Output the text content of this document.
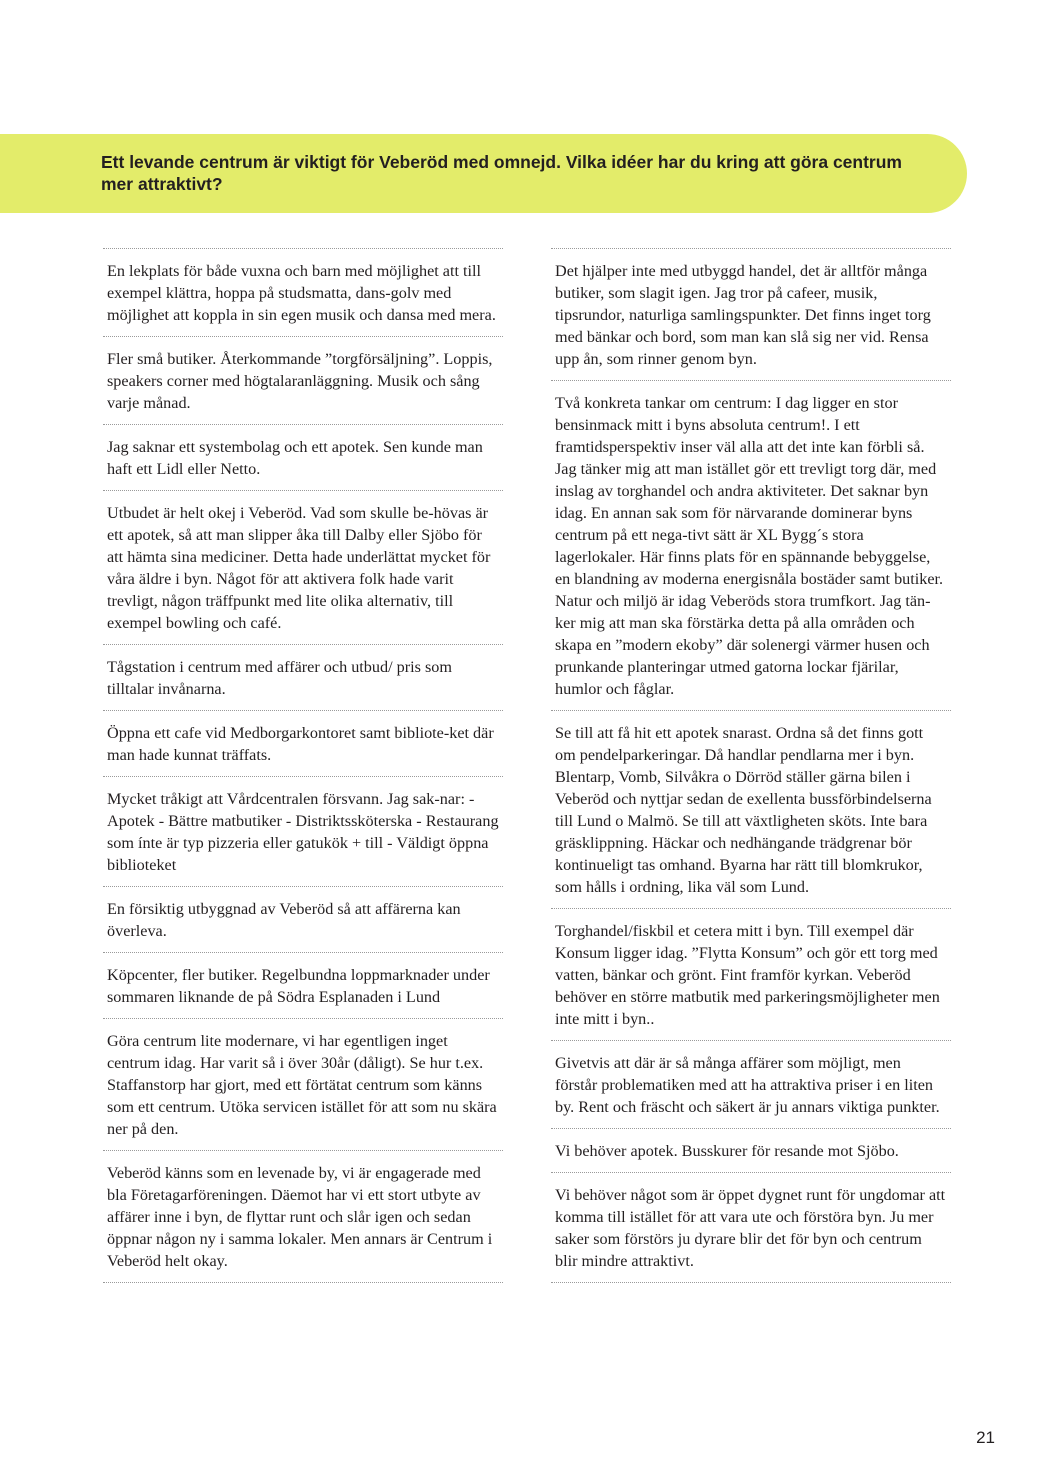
Ett levande centrum är viktigt för Veberöd med omnejd. Vilka idéer har du kring att göra centrum mer attraktivt?
En lekplats för både vuxna och barn med möjlighet att till exempel klättra, hoppa på studsmatta, dans-golv med möjlighet att koppla in sin egen musik och dansa med mera.
Fler små butiker. Återkommande ”torgförsäljning”. Loppis, speakers corner med högtalaranläggning. Musik och sång varje månad.
Jag saknar ett systembolag och ett apotek. Sen kunde man haft ett Lidl eller Netto.
Utbudet är helt okej i Veberöd. Vad som skulle be-hövas är ett apotek, så att man slipper åka till Dalby eller Sjöbo för att hämta sina mediciner. Detta hade underlättat mycket för våra äldre i byn. Något för att aktivera folk hade varit trevligt, någon träffpunkt med lite olika alternativ, till exempel bowling och café.
Tågstation i centrum med affärer och utbud/ pris som tilltalar invånarna.
Öppna ett cafe vid Medborgarkontoret samt bibliote-ket där man hade kunnat träffats.
Mycket tråkigt att Vårdcentralen försvann. Jag sak-nar: - Apotek - Bättre matbutiker - Distriktssköterska - Restaurang som ínte är typ pizzeria eller gatukök + till - Väldigt öppna biblioteket
En försiktig utbyggnad av Veberöd så att affärerna kan överleva.
Köpcenter, fler butiker. Regelbundna loppmarknader under sommaren liknande de på Södra Esplanaden i Lund
Göra centrum lite modernare, vi har egentligen inget centrum idag. Har varit så i över 30år (dåligt). Se hur t.ex. Staffanstorp har gjort, med ett förtätat centrum som känns som ett centrum. Utöka servicen istället för att som nu skära ner på den.
Veberöd känns som en levenade by, vi är engagerade med bla Företagarföreningen. Däemot har vi ett stort utbyte av affärer inne i byn, de flyttar runt och slår igen och sedan öppnar någon ny i samma lokaler. Men annars är Centrum i Veberöd helt okay.
Det hjälper inte med utbyggd handel, det är alltför många butiker, som slagit igen. Jag tror på cafeer, musik, tipsrundor, naturliga samlingspunkter. Det finns inget torg med bänkar och bord, som man kan slå sig ner vid. Rensa upp ån, som rinner genom byn.
Två konkreta tankar om centrum: I dag ligger en stor bensinmack mitt i byns absoluta centrum!. I ett framtidsperspektiv inser väl alla att det inte kan förbli så. Jag tänker mig att man istället gör ett trevligt torg där, med inslag av torghandel och andra aktiviteter. Det saknar byn idag. En annan sak som för närvarande dominerar byns centrum på ett nega-tivt sätt är XL Bygg´s stora lagerlokaler. Här finns plats för en spännande bebyggelse, en blandning av moderna energisnåla bostäder samt butiker. Natur och miljö är idag Veberöds stora trumfkort. Jag tän-ker mig att man ska förstärka detta på alla områden och skapa en ”modern ekoby” där solenergi värmer husen och prunkande planteringar utmed gatorna lockar fjärilar, humlor och fåglar.
Se till att få hit ett apotek snarast. Ordna så det finns gott om pendelparkeringar. Då handlar pendlarna mer i byn. Blentarp, Vomb, Silvåkra o Dörröd ställer gärna bilen i Veberöd och nyttjar sedan de exellenta bussförbindelserna till Lund o Malmö. Se till att växtligheten sköts. Inte bara gräsklippning. Häckar och nedhängande trädgrenar bör kontinueligt tas omhand. Byarna har rätt till blomkrukor, som hålls i ordning, lika väl som Lund.
Torghandel/fiskbil et cetera mitt i byn. Till exempel där Konsum ligger idag. ”Flytta Konsum” och gör ett torg med vatten, bänkar och grönt. Fint framför kyrkan. Veberöd behöver en större matbutik med parkeringsmöjligheter men inte mitt i byn..
Givetvis att där är så många affärer som möjligt, men förstår problematiken med att ha attraktiva priser i en liten by. Rent och fräscht och säkert är ju annars viktiga punkter.
Vi behöver apotek. Busskurer för resande mot Sjöbo.
Vi behöver något som är öppet dygnet runt för ungdomar att komma till istället för att vara ute och förstöra byn. Ju mer saker som förstörs ju dyrare blir det för byn och centrum blir mindre attraktivt.
21
